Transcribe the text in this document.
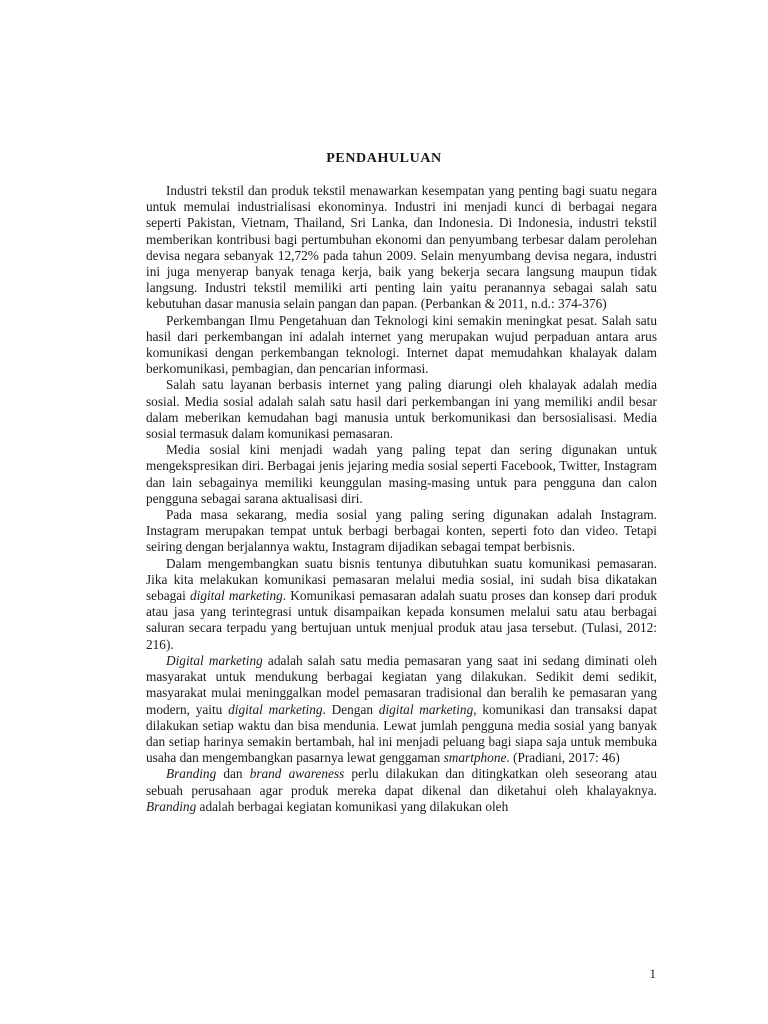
PENDAHULUAN

Industri tekstil dan produk tekstil menawarkan kesempatan yang penting bagi suatu negara untuk memulai industrialisasi ekonominya. Industri ini menjadi kunci di berbagai negara seperti Pakistan, Vietnam, Thailand, Sri Lanka, dan Indonesia. Di Indonesia, industri tekstil memberikan kontribusi bagi pertumbuhan ekonomi dan penyumbang terbesar dalam perolehan devisa negara sebanyak 12,72% pada tahun 2009. Selain menyumbang devisa negara, industri ini juga menyerap banyak tenaga kerja, baik yang bekerja secara langsung maupun tidak langsung. Industri tekstil memiliki arti penting lain yaitu peranannya sebagai salah satu kebutuhan dasar manusia selain pangan dan papan. (Perbankan & 2011, n.d.: 374-376)

Perkembangan Ilmu Pengetahuan dan Teknologi kini semakin meningkat pesat. Salah satu hasil dari perkembangan ini adalah internet yang merupakan wujud perpaduan antara arus komunikasi dengan perkembangan teknologi. Internet dapat memudahkan khalayak dalam berkomunikasi, pembagian, dan pencarian informasi.

Salah satu layanan berbasis internet yang paling diarungi oleh khalayak adalah media sosial. Media sosial adalah salah satu hasil dari perkembangan ini yang memiliki andil besar dalam meberikan kemudahan bagi manusia untuk berkomunikasi dan bersosialisasi. Media sosial termasuk dalam komunikasi pemasaran.

Media sosial kini menjadi wadah yang paling tepat dan sering digunakan untuk mengekspresikan diri. Berbagai jenis jejaring media sosial seperti Facebook, Twitter, Instagram dan lain sebagainya memiliki keunggulan masing-masing untuk para pengguna dan calon pengguna sebagai sarana aktualisasi diri.

Pada masa sekarang, media sosial yang paling sering digunakan adalah Instagram. Instagram merupakan tempat untuk berbagi berbagai konten, seperti foto dan video. Tetapi seiring dengan berjalannya waktu, Instagram dijadikan sebagai tempat berbisnis.

Dalam mengembangkan suatu bisnis tentunya dibutuhkan suatu komunikasi pemasaran. Jika kita melakukan komunikasi pemasaran melalui media sosial, ini sudah bisa dikatakan sebagai digital marketing. Komunikasi pemasaran adalah suatu proses dan konsep dari produk atau jasa yang terintegrasi untuk disampaikan kepada konsumen melalui satu atau berbagai saluran secara terpadu yang bertujuan untuk menjual produk atau jasa tersebut. (Tulasi, 2012: 216).

Digital marketing adalah salah satu media pemasaran yang saat ini sedang diminati oleh masyarakat untuk mendukung berbagai kegiatan yang dilakukan. Sedikit demi sedikit, masyarakat mulai meninggalkan model pemasaran tradisional dan beralih ke pemasaran yang modern, yaitu digital marketing. Dengan digital marketing, komunikasi dan transaksi dapat dilakukan setiap waktu dan bisa mendunia. Lewat jumlah pengguna media sosial yang banyak dan setiap harinya semakin bertambah, hal ini menjadi peluang bagi siapa saja untuk membuka usaha dan mengembangkan pasarnya lewat genggaman smartphone. (Pradiani, 2017: 46)

Branding dan brand awareness perlu dilakukan dan ditingkatkan oleh seseorang atau sebuah perusahaan agar produk mereka dapat dikenal dan diketahui oleh khalayaknya. Branding adalah berbagai kegiatan komunikasi yang dilakukan oleh

1
